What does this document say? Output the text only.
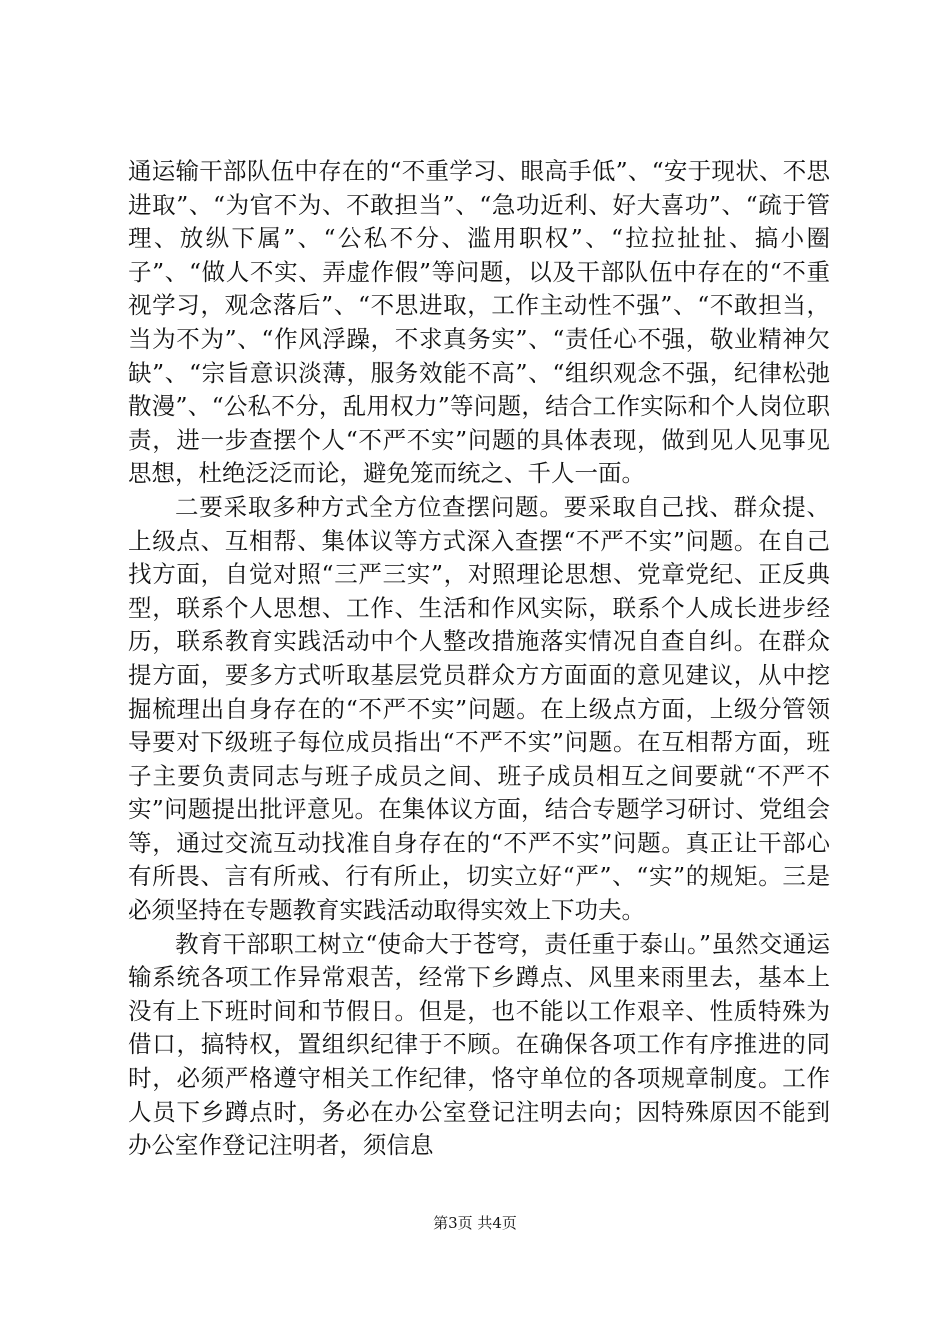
通运输干部队伍中存在的“不重学习、眼高手低”、“安于现状、不思进取”、“为官不为、不敢担当”、“急功近利、好大喜功”、“疏于管理、放纵下属”、“公私不分、滥用职权”、“拉拉扯扯、搞小圈子”、“做人不实、弄虚作假”等问题，以及干部队伍中存在的“不重视学习，观念落后”、“不思进取，工作主动性不强”、“不敢担当，当为不为”、“作风浮躁，不求真务实”、“责任心不强，敬业精神欠缺”、“宗旨意识淡薄，服务效能不高”、“组织观念不强，纪律松弛散漫”、“公私不分，乱用权力”等问题，结合工作实际和个人岗位职责，进一步查摆个人“不严不实”问题的具体表现，做到见人见事见思想，杜绝泛泛而论，避免笼而统之、千人一面。

二要采取多种方式全方位查摆问题。要采取自己找、群众提、上级点、互相帮、集体议等方式深入查摆“不严不实”问题。在自己找方面，自觉对照“三严三实”，对照理论思想、党章党纪、正反典型，联系个人思想、工作、生活和作风实际，联系个人成长进步经历，联系教育实践活动中个人整改措施落实情况自查自纠。在群众提方面，要多方式听取基层党员群众方方面面的意见建议，从中挖掘梳理出自身存在的“不严不实”问题。在上级点方面，上级分管领导要对下级班子每位成员指出“不严不实”问题。在互相帮方面，班子主要负责同志与班子成员之间、班子成员相互之间要就“不严不实”问题提出批评意见。在集体议方面，结合专题学习研讨、党组会等，通过交流互动找准自身存在的“不严不实”问题。真正让干部心有所畏、言有所戒、行有所止，切实立好“严”、“实”的规矩。三是必须坚持在专题教育实践活动取得实效上下功夫。

教育干部职工树立“使命大于苍穹，责任重于泰山。”虽然交通运输系统各项工作异常艰苦，经常下乡蹲点、风里来雨里去，基本上没有上下班时间和节假日。但是，也不能以工作艰辛、性质特殊为借口，搞特权，置组织纪律于不顾。在确保各项工作有序推进的同时，必须严格遵守相关工作纪律，恪守单位的各项规章制度。工作人员下乡蹲点时，务必在办公室登记注明去向；因特殊原因不能到办公室作登记注明者，须信息

第3页 共4页
